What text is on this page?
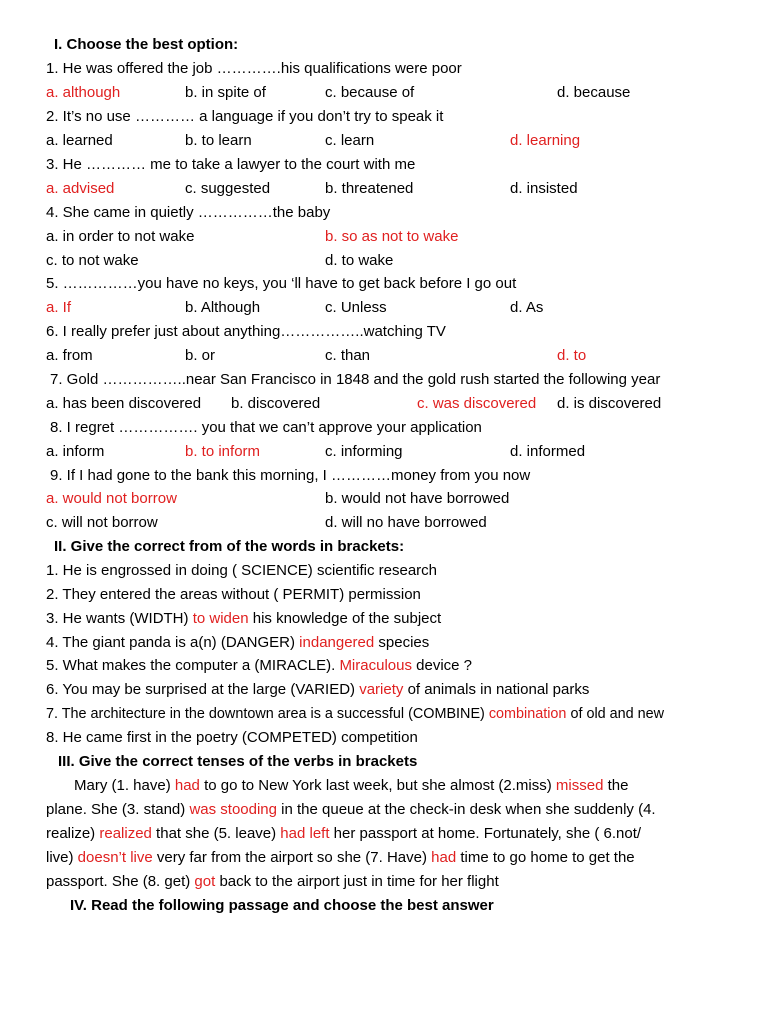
I. Choose the best option:
1. He was offered the job ………….his qualifications were poor
a. although	b. in spite of	c. because of	d. because
2. It’s no use ………… a language if you don’t try to speak it
a. learned	b. to learn	c. learn	d. learning
3. He ………… me to take a lawyer to the court with me
a. advised	c. suggested	b. threatened	d. insisted
4. She came in quietly ……………the baby
a. in order to not wake	b. so as not to wake
c. to not wake	d. to wake
5. ……………you have no keys, you ‘ll have to get back before I go out
a. If	b. Although	c. Unless	d. As
6. I really prefer just about anything……………..watching TV
a. from	b. or	c. than	d. to
7. Gold ……………..near San Francisco in 1848 and the gold rush started the following year
a. has been discovered b. discovered	c. was discovered d. is discovered
8. I regret ……………. you that we can’t approve your application
a. inform	b. to inform	c. informing	d. informed
9. If I had gone to the bank this morning, I …………money from you now
a. would not borrow	b. would not have borrowed
c. will not borrow	d. will no have borrowed
II. Give the correct from of the words in brackets:
1. He is engrossed in doing ( SCIENCE) scientific research
2. They entered the areas without ( PERMIT) permission
3. He wants (WIDTH) to widen his knowledge of the subject
4. The giant panda is a(n) (DANGER) indangered species
5. What makes the computer a (MIRACLE). Miraculous device ?
6. You may be surprised at the large (VARIED) variety of animals in national parks
7. The architecture in the downtown area is a successful (COMBINE) combination of old and new
8. He came first in the poetry (COMPETED) competition
III. Give the correct tenses of the verbs in brackets
Mary (1. have) had to go to New York last week, but she almost (2.miss) missed the
plane. She (3. stand) was stooding in the queue at the check-in desk when she suddenly (4.
realize) realized that she (5. leave) had left her passport at home. Fortunately, she ( 6.not/
live) doesn’t live very far from the airport so she (7. Have) had time to go home to get the
passport. She (8. get) got back to the airport just in time for her flight
IV. Read the following passage and choose the best answer
